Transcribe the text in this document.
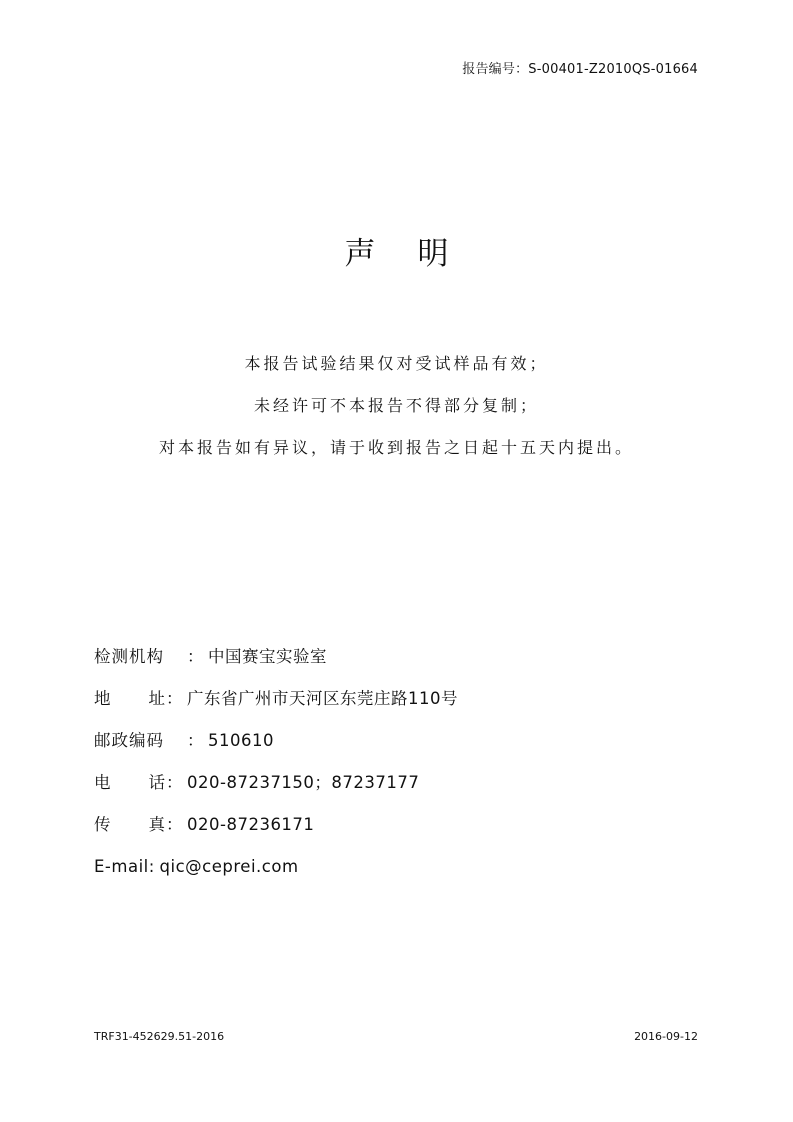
报告编号：S-00401-Z2010QS-01664
声明
本报告试验结果仅对受试样品有效；
未经许可不本报告不得部分复制；
对本报告如有异议，请于收到报告之日起十五天内提出。
检测机构	： 中国赛宝实验室
地址 ： 广东省广州市天河区东莞庄路110号
邮政编码	： 510610
电话 ： 020-87237150；87237177
传真 ： 020-87236171
E-mail : qic@ceprei.com
TRF31-452629.51-2016	2016-09-12
